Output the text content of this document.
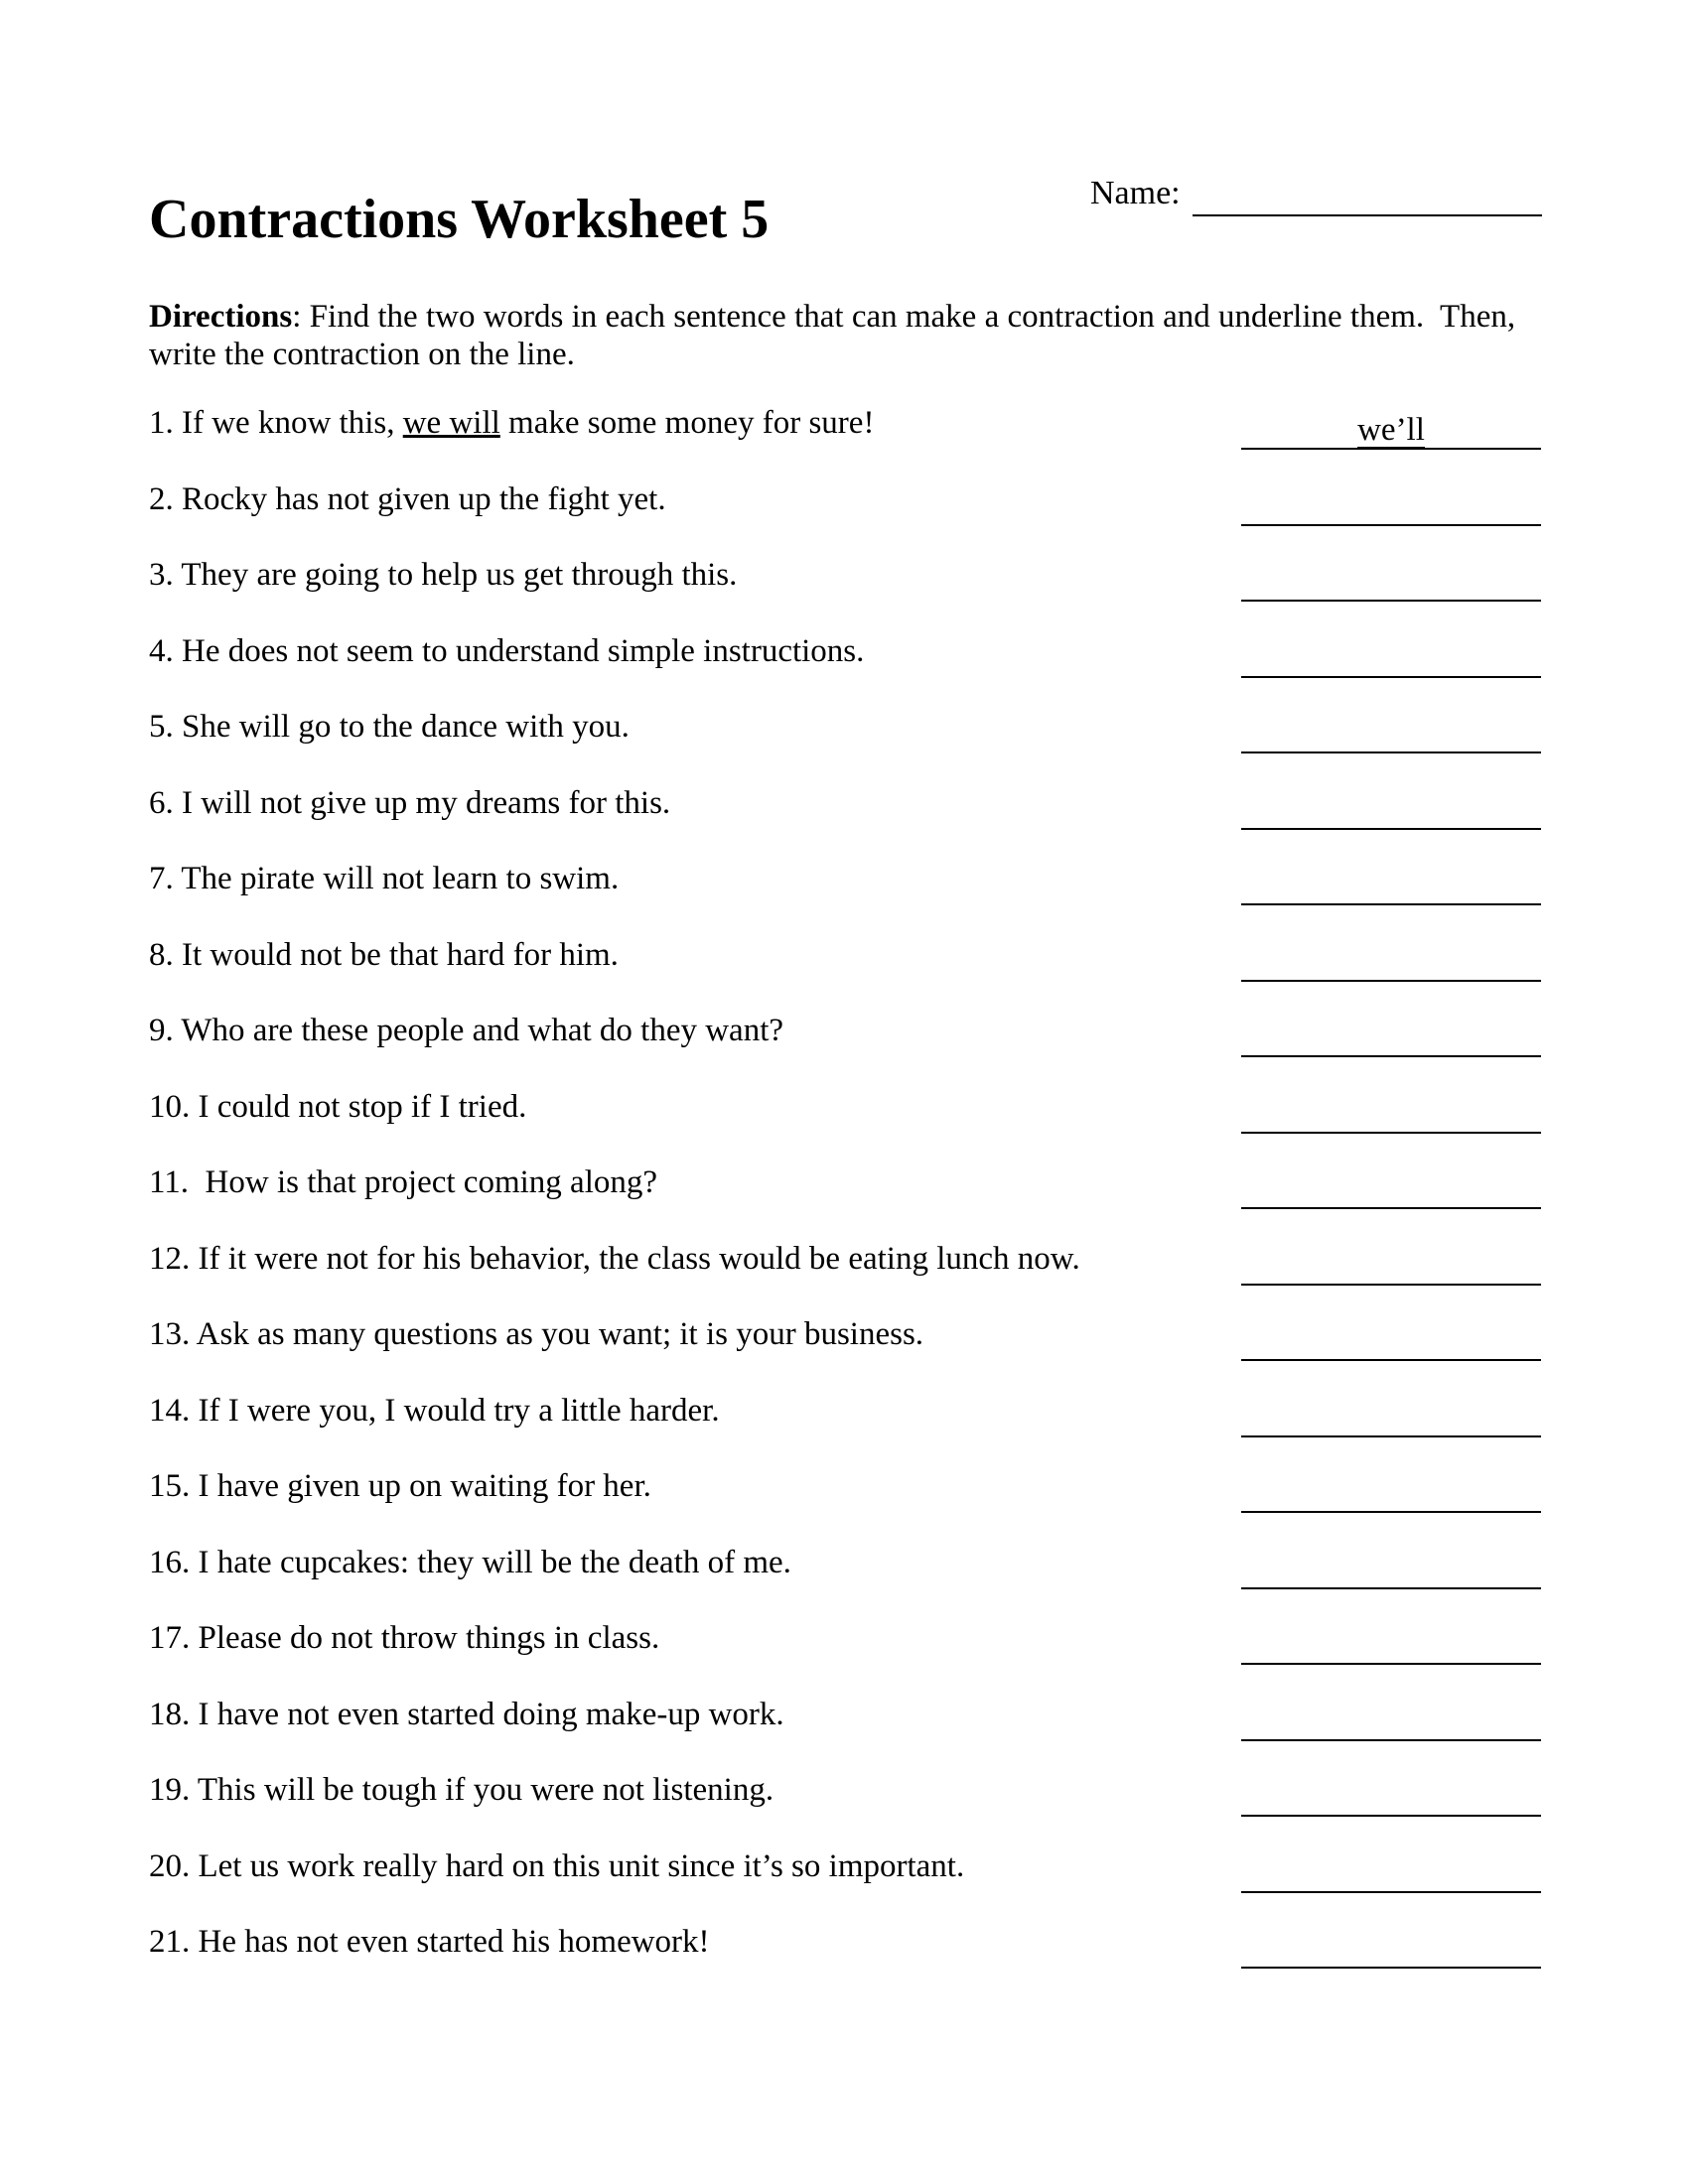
Name:
Contractions Worksheet 5
Directions: Find the two words in each sentence that can make a contraction and underline them.  Then,
write the contraction on the line.
1. If we know this, we will make some money for sure!	we’ll
2. Rocky has not given up the fight yet.
3. They are going to help us get through this.
4. He does not seem to understand simple instructions.
5. She will go to the dance with you.
6. I will not give up my dreams for this.
7. The pirate will not learn to swim.
8. It would not be that hard for him.
9. Who are these people and what do they want?
10. I could not stop if I tried.
11.  How is that project coming along?
12. If it were not for his behavior, the class would be eating lunch now.
13. Ask as many questions as you want; it is your business.
14. If I were you, I would try a little harder.
15. I have given up on waiting for her.
16. I hate cupcakes: they will be the death of me.
17. Please do not throw things in class.
18. I have not even started doing make-up work.
19. This will be tough if you were not listening.
20. Let us work really hard on this unit since it’s so important.
21. He has not even started his homework!
